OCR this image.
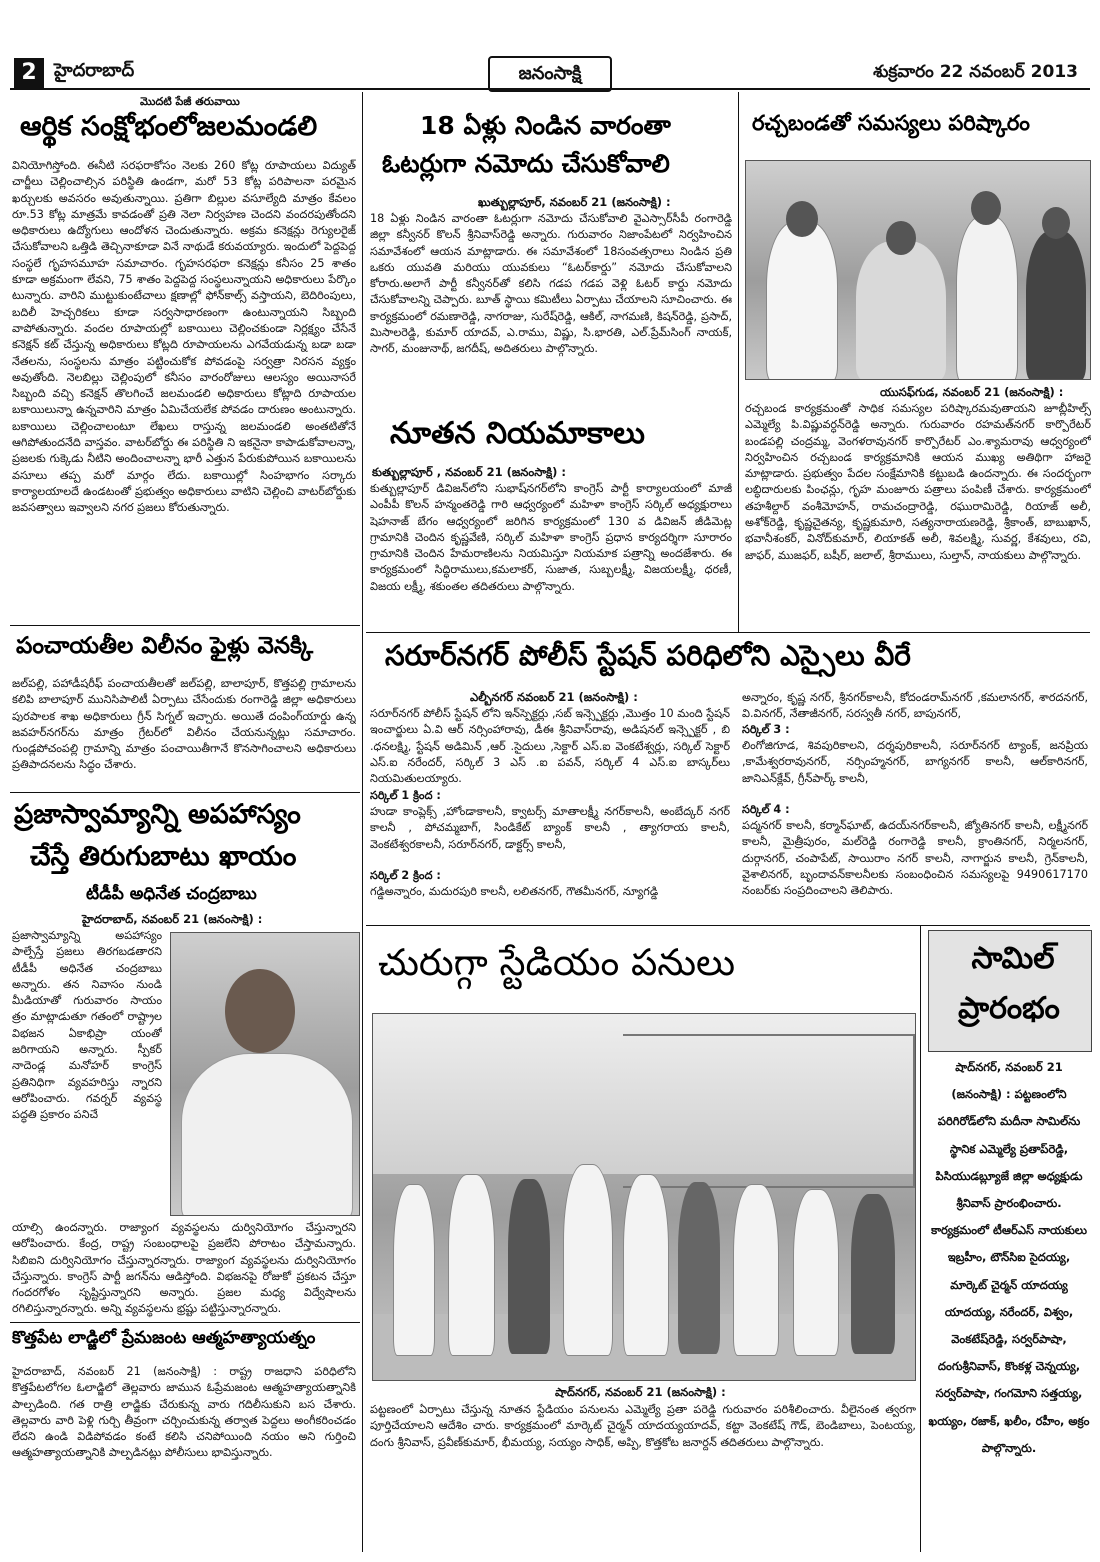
2 హైదరాబాద్	జనంసాక్షి	శుక్రవారం 22 నవంబర్ 2013
మొదటి పేజీ తరువాయి
ఆర్థిక సంక్షోభంలోజలమండలి
వినియోగిస్తోంది. ఈనీటి సరఫరాకోసం నెలకు 260 కోట్ల రూపాయలు విద్యుత్ చార్జీలు చెల్లించాల్సిన పరిస్థితి ఉండగా, మరో 53 కోట్ల పరిపాలనా పరమైన ఖర్చులకు అవసరం అవుతున్నాయి. ప్రతిగా బిల్లుల వసూల్యేది మాత్రం కేవలం రూ.53 కోట్ల మాత్రమే కావడంతో ప్రతి నెలా నిర్వహణ చెందని వందరపుతోందని అధికారులు ఉద్యోగులు ఆందోళన చెందుతున్నారు. అక్రమ కనెక్షన్లు రెగ్యులరైజ్ చేసుకోవాలని ఒత్తిడి తెచ్చినాకూడా వినే నాథుడే కరువయ్యారు. ఇందులో పెద్దపెద్ద సంస్థలే గృహసమూహ సమాచారం. గృహసరఫరా కనెక్షన్లు కనీసం 25 శాతం కూడా అక్రమంగా లేవని, 75 శాతం పెద్దపెద్ద సంస్థలున్నాయని అధికారులు పేర్కొం టున్నారు. వారిని ముట్టుకుంటేచాలు క్షణాల్లో ఫోన్‌కాల్స్ వస్తాయని, బెదిరింపులు, బదిలీ హెచ్చరికలు కూడా సర్వసాధారణంగా ఉంటున్నాయని సిబ్బంది వాపోతున్నారు. వందల రూపాయల్లో బకాయిలు చెల్లించకుండా నిర్లక్ష్యం చేసేనే కనెక్షన్ కట్ చేస్తున్న అధికారులు కోట్లది రూపాయలను ఎగవేయడున్న బడా బడా నేతలను, సంస్థలను మాత్రం పట్టించుకోక పోవడంపై సర్వత్రా నిరసన వ్యక్తం అవుతోంది. నెలబిల్లు చెల్లింపులో కనీసం వారంరోజులు ఆలస్యం అయినాసరే సిబ్బంది వచ్చి కనెక్షన్ తొలగించే జలమండలి అధికారులు కోట్లాది రూపాయల బకాయిలున్నా ఉన్నవారిని మాత్రం ఏమిచేయలేక పోవడం దారుణం అంటున్నారు. బకాయిలు చెల్లించాలంటూ లేఖలు రాస్తున్న జలమండలి అంతటితోనే ఆగిపోతుందనేది వాస్తవం. వాటర్‌బోర్డు ఈ పరిస్థితి ని ఇకనైనా కాపాడుకోవాలన్నా, ప్రజలకు గుక్కెడు నీటిని అందించాలన్నా భారీ ఎత్తున పేరుకుపోయిన బకాయిలను వసూలు తప్ప మరో మార్గం లేదు. బకాయిల్లో సింహభాగం సర్కారు కార్యాలయాలదే ఉండటంతో ప్రభుత్వం అధికారులు వాటిని చెల్లించి వాటర్‌బోర్డుకు జవసత్వాలు ఇవ్వాలని నగర ప్రజలు కోరుతున్నారు.
పంచాయతీల విలీనం ఫైళ్లు వెనక్కి
జల్‌పల్లి, పహాడీషరీఫ్ పంచాయతీలతో జల్‌పల్లి, బాలాపూర్, కొత్తపల్లి గ్రామాలను కలిపి బాలాపూర్ మునిసిపాలిటీ ఏర్పాటు చేసేందుకు రంగారెడ్డి జిల్లా అధికారులు పురపాలక శాఖ అధికారులు గ్రీన్ సిగ్నల్ ఇచ్చారు. అయితే దంపింగ్‌యార్డు ఉన్న జవహర్‌నగర్‌ను మాత్రం గ్రేటర్‌లో విలీనం చేయనున్నట్లు సమాచారం. గుండ్లపోచంపల్లి గ్రామాన్ని మాత్రం పంచాయితీగానే కొనసాగించాలని అధికారులు ప్రతిపాదనలను సిద్ధం చేశారు.
ప్రజాస్వామ్యాన్ని అపహాస్యం
చేస్తే తిరుగుబాటు ఖాయం
టీడీపీ అధినేత చంద్రబాబు
హైదరాబాద్, నవంబర్ 21 (జనంసాక్షి) :
ప్రజాస్వామ్యాన్ని అపహాస్యం పాల్పేస్తే ప్రజలు తిరగబడతారని టీడీపీ అధినేత చంద్రబాబు అన్నారు. తన నివాసం నుండి మీడియాతో గురువారం సాయం త్రం మాట్లాడుతూ గతంలో రాష్ట్రాల విభజన ఏకాభిప్రా యంతో జరిగాయని అన్నారు. స్పీకర్ నాదెండ్ల మనోహర్ కాంగ్రెస్ ప్రతినిధిగా వ్యవహరిస్తు న్నారని ఆరోపించారు. గవర్నర్ వ్యవస్థ పద్ధతి ప్రకారం పనిచే
యాల్సి ఉందన్నారు. రాజ్యాంగ వ్యవస్థలను దుర్వినియోగం చేస్తున్నారని ఆరోపించారు. కేంద్ర, రాష్ట్ర సంబంధాలపై ప్రజలేని పోరాటం చేస్తామన్నారు. సిబిఐని దుర్వినియోగం చేస్తున్నారన్నారు. రాజ్యాంగ వ్యవస్థలను దుర్వినియోగం చేస్తున్నారు. కాంగ్రెస్ పార్టీ జగన్‌ను ఆడిస్తోంది. విభజనపై రోజుకో ప్రకటన చేస్తూ గందరగోళం సృష్టిస్తున్నారని అన్నారు. ప్రజల మధ్య విద్వేషాలను రగిలిస్తున్నారన్నారు. అన్ని వ్యవస్థలను భ్రష్టు పట్టిస్తున్నారన్నారు.
కొత్తపేట లాడ్జిలో ప్రేమజంట ఆత్మహత్యాయత్నం
హైదరాబాద్, నవంబర్ 21 (జనంసాక్షి) : రాష్ట్ర రాజధాని పరిధిలోని కొత్తపేటలోగల ఓలాడ్జిలో తెల్లవారు జామున ఓప్రేమజంట ఆత్మహత్యాయత్నానికి పాల్పడింది. గత రాత్రి లాడ్జికు చేరుకున్న వారు గదిలీసుకుని బస చేశారు. తెల్లవారు వారి పెళ్లి గుర్చి తీవ్రంగా చర్చించుకున్న తర్వాత పెద్దలు అంగీకరించడం లేదని ఉండి విడిపోవడం కంటే కలిసి చనిపోయింది నయం అని గుర్తించి ఆత్మహత్యాయత్నానికి పాల్పడినట్లు పోలీసులు భావిస్తున్నారు.
18 ఏళ్లు నిండిన వారంతా
ఓటర్లుగా నమోదు చేసుకోవాలి
ఖుత్బుల్లాపూర్, నవంబర్ 21 (జనంసాక్షి) :
18 ఏళ్లు నిండిన వారంతా ఓటర్లుగా నమోదు చేసుకోవాలి వైఎస్సార్‌సీపీ రంగారెడ్డి జిల్లా కన్వీనర్ కొలన్ శ్రీనివాస్‌రెడ్డి అన్నారు. గురువారం నిజాంపేటలో నిర్వహించిన సమావేశంలో ఆయన మాట్లాడారు. ఈ సమావేశంలో 18సంవత్సరాలు నిండిన ప్రతి ఒకరు యువతి మరియు యువకులు “ఓటర్‌కార్డు” నమోదు చేసుకోవాలని కోరారు.అలాగే పార్టీ కన్వీనర్‌తో కలిసి గడప గడప వెళ్లి ఓటర్ కార్డు నమోదు చేసుకోవాలన్ని చెప్పారు. బూత్ స్థాయి కమిటీలు ఏర్పాటు చేయాలని సూచించారు. ఈ కార్యక్రమంలో రమణారెడ్డి, నాగరాజు, సురేష్‌రెడ్డి, ఆకిల్, నాగమణి, కిషన్‌రెడ్డి, ప్రసాద్, మిసాలరెడ్డి, కుమార్ యాదవ్, ఎ.రాము, విష్ణు, సి.భారతి, ఎల్.ప్రేమ్‌సింగ్ నాయక్, సాగర్, మంజునాథ్, జగదీష్, అదితరులు పాల్గొన్నారు.
నూతన నియమాకాలు
కుత్బుల్లాపూర్ , నవంబర్ 21 (జనంసాక్షి) :
కుత్బుల్లాపూర్ డివిజన్‌లోని సుభాష్‌నగర్‌లోని కాంగ్రెస్ పార్టీ కార్యాలయంలో మాజీ ఎంపీపీ కొలన్ హన్మంతరెడ్డి గారి ఆధ్వర్యంలో మహిళా కాంగ్రెస్ సర్కిల్ అధ్యక్షురాలు షెహనాజ్ బేగం ఆధ్వర్యంలో జరిగిన కార్యక్రమంలో 130 వ డివిజన్ జీడిమెట్ల గ్రామానికి చెందిన కృష్ణవేణి, సర్కిల్ మహిళా కాంగ్రెస్ ప్రధాన కార్యదర్శిగా సూరారం గ్రామానికి చెందిన హేమరాణిలను నియమిస్తూ నియమాక పత్రాన్ని అందజేశారు. ఈ కార్యక్రమంలో సిద్ధిరాములు,కమలాకర్, సుజాత, సుబ్బలక్ష్మీ, విజయలక్ష్మీ, ధరణీ, విజయ లక్ష్మీ, శకుంతల తదితరులు పాల్గొన్నారు.
రచ్చబండతో సమస్యలు పరిష్కారం
యుసఫ్‌గుడ, నవంబర్ 21 (జనంసాక్షి) :
రచ్చబండ కార్యక్రమంతో సాధిక సమస్యల పరిష్కారమవుతాయని జూబ్లీహిల్స్ ఎమ్మెల్యే పి.విష్ణువర్ధన్‌రెడ్డి అన్నారు. గురువారం రహమత్‌నగర్ కార్పొరేటర్ బండపల్లి చంద్రమ్మ, వెంగళరావునగర్ కార్పొరేటర్ ఎం.శ్యామరావు ఆధ్వర్యంలో నిర్వహించిన రచ్చబండ కార్యక్రమానికి ఆయన ముఖ్య అతిథిగా హాజరై మాట్లాడారు. ప్రభుత్వం పేదల సంక్షేమానికి కట్టుబడి ఉందన్నారు. ఈ సందర్భంగా లబ్ధిదారులకు పింఛన్లు, గృహ మంజూరు పత్రాలు పంపిణీ చేశారు. కార్యక్రమంలో తహశీల్దార్ వంశీమోహన్, రామచంద్రారెడ్డి, రఘురామిరెడ్డి, రియాజ్ అలీ, అశోక్‌రెడ్డి, కృష్ణచైతన్య, కృష్ణకుమారి, సత్యనారాయణరెడ్డి, శ్రీకాంత్, బాబుఖాన్, భవానీశంకర్, వినోద్‌కుమార్, లియాకత్ అలీ, శివలక్ష్మి, సువర్ణ, కేశవులు, రవి, జాఫర్, ముజఫర్, బషీర్, జలాల్, శ్రీరాములు, సుల్తాన్, నాయకులు పాల్గొన్నారు.
సరూర్‌నగర్ పోలీస్ స్టేషన్ పరిధిలోని ఎస్సైలు వీరే
ఎల్బీనగర్ నవంబర్ 21 (జనంసాక్షి) :
సరూర్‌నగర్ పోలీస్ స్టేషన్ లోని ఇన్‌స్పెక్టర్లు ,సబ్ ఇన్స్పెక్టర్లు ,మొత్తం 10 మంది స్టేషన్ ఇంచార్జులు ఏ.వి ఆర్ నర్సింహారావు, డీఈ శ్రీనివాస్‌రావు, అడిషనల్ ఇన్స్పెక్టర్ , బి .ధనలక్ష్మి, స్టేషన్ అడిమిన్ ,ఆర్ .సైదులు ,సెక్టార్ ఎస్.ఐ వెంకటేశ్వర్లు, సర్కిల్ సెక్టార్ ఎస్.ఐ నరేందర్, సర్కిల్ 3 ఎస్ .ఐ పవన్, సర్కిల్ 4 ఎస్.ఐ బాస్కర్‌లు నియమితులయ్యారు.
సర్కిల్ 1 క్రింద :
హుడా కాంప్లెక్స్ ,హోండాకాలనీ, క్వాటర్స్ మాతాలక్ష్మీ నగర్‌కాలనీ, అంబేద్కర్ నగర్ కాలనీ , పోచమ్మబాగ్, సిండికేట్ బ్యాంక్ కాలనీ , త్యాగరాయ కాలనీ, వెంకటేశ్వరకాలనీ, సరూర్‌నగర్, డాక్టర్స్ కాలనీ,
సర్కిల్ 2 క్రింద :
గడ్డిఅన్నారం, మదురపురి కాలనీ, లలితనగర్, గౌతమీనగర్, న్యూగడ్డి
అన్నారం, కృష్ణ నగర్, శ్రీనగర్‌కాలనీ, కోదండరామ్‌నగర్ ,కమలానగర్, శారదనగర్, వి.వినగర్, నేతాజీనగర్, సరస్వతీ నగర్, బాపునగర్,
సర్కిల్ 3 :
లింగోజిగూడ, శివపురికాలని, దర్శపురికాలనీ, సరూర్‌నగర్ ట్యాంక్, జనప్రియ ,కామేశ్వరరావునగర్, నర్సింహ్మనగర్, బాగ్యనగర్ కాలనీ, ఆల్‌కారినగర్, జానిఎన్‌క్లేవ్, గ్రీన్‌పార్క్ కాలనీ,
సర్కిల్ 4 :
పద్మనగర్ కాలనీ, కర్మాన్‌ఘాట్, ఉదయ్‌నగర్‌కాలనీ, జ్యోతినగర్ కాలనీ, లక్ష్మీనగర్ కాలనీ, మైత్రీపురం, మల్‌రెడ్డి రంగారెడ్డి కాలనీ, క్రాంతినగర్, నిర్మలనగర్, దుర్గానగర్, చంపాపేట్, సాయిరాం నగర్ కాలనీ, నాగార్జున కాలనీ, గ్రెన్‌కాలనీ, వైశాలినగర్, బృందావన్‌కాలనీలకు సంబంధించిన సమస్యలపై 9490617170 నంబర్‌కు సంప్రదించాలని తెలిపారు.
చురుగ్గా స్టేడియం పనులు
షాద్‌నగర్, నవంబర్ 21 (జనంసాక్షి) :
పట్టణంలో ఏర్పాటు చేస్తున్న నూతన స్టేడియం పనులను ఎమ్మెల్యే ప్రతా పరెడ్డి గురువారం పరిశీలించారు. వీలైనంత త్వరగా పూర్తిచేయాలని ఆదేశిం చారు. కార్యక్రమంలో మార్కెట్ చైర్మన్ యాదయ్యయాదవ్, కట్టా వెంకటేష్ గౌడ్, బెండిబాలు, పెంటయ్య, దంగు శ్రీనివాస్, ప్రవీణ్‌కుమార్, భీమయ్య, సయ్యం సాధిక్, అప్పి, కొత్తకోట జనార్దన్ తదితరులు పాల్గొన్నారు.
సామిల్
ప్రారంభం
షాద్‌నగర్, నవంబర్ 21 (జనంసాక్షి) : పట్టణంలోని పరిగిరోడ్‌లోని మదీనా సామిల్‌ను స్థానిక ఎమ్మెల్యే ప్రతాప్‌రెడ్డి, పిసియుడబ్ల్యూజే జిల్లా అధ్యక్షుడు శ్రీనివాస్ ప్రారంభించారు. కార్యక్రమంలో టీఆర్‌ఎస్ నాయకులు ఇబ్రహీం, టౌన్‌సిఐ సైదయ్య, మార్కెట్ చైర్మన్ యాదయ్య యాదయ్య, నరేందర్, విశ్వం, వెంకటేష్‌రెడ్డి, సర్వర్‌పాషా, దంగుశ్రీనివాస్, కొంకళ్ల చెన్నయ్య, సర్వర్‌పాషా, గంగమోని సత్తయ్య, ఖయ్యం, రజాక్, ఖలీం, రహీం, అక్రం పాల్గొన్నారు.
